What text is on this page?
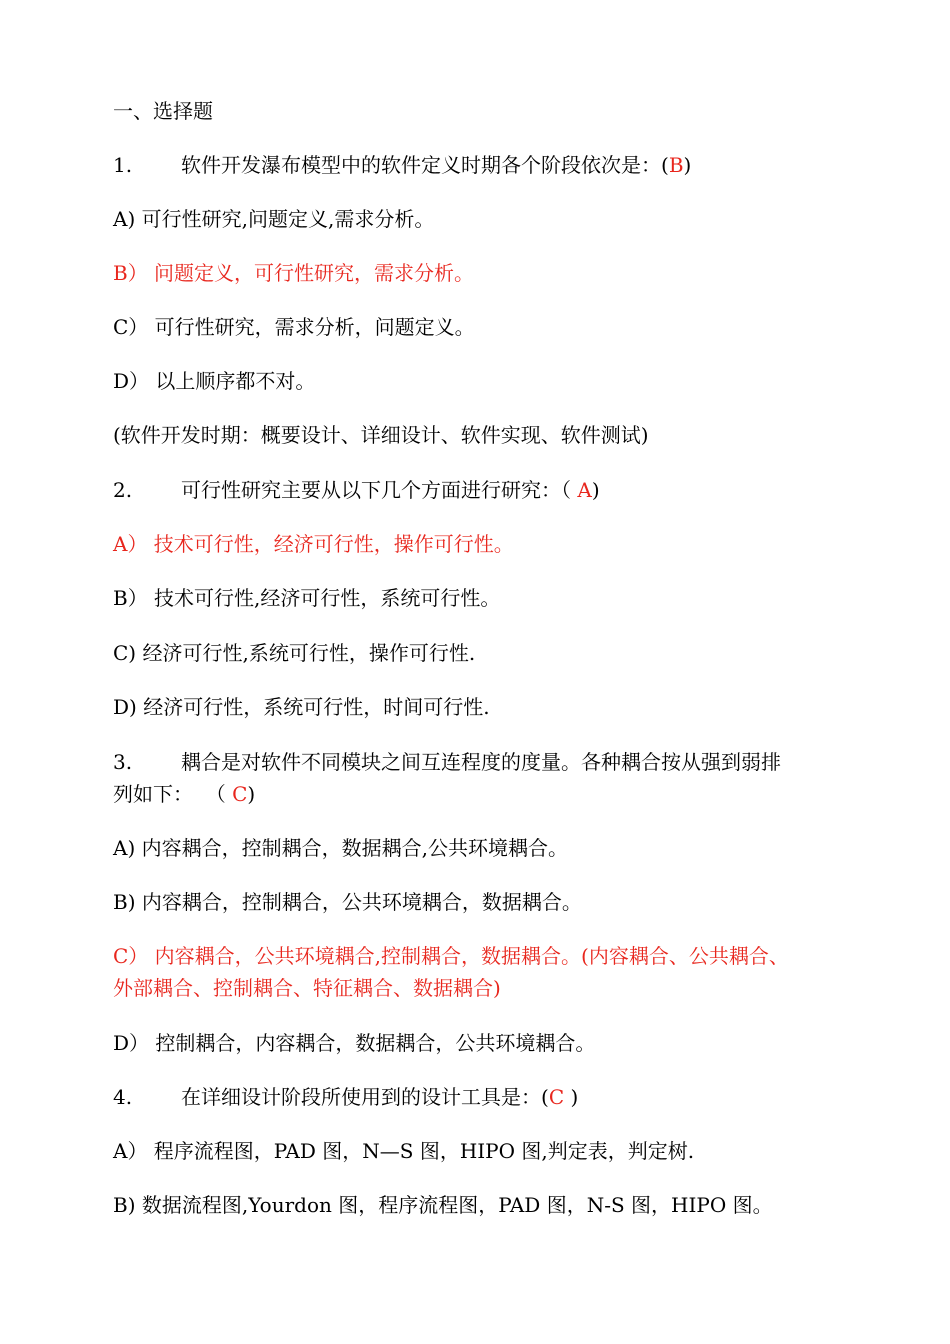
一、选择题
1. 软件开发瀑布模型中的软件定义时期各个阶段依次是：(B)
A) 可行性研究,问题定义,需求分析。
B） 问题定义，可行性研究，需求分析。
C） 可行性研究，需求分析，问题定义。
D） 以上顺序都不对。
(软件开发时期：概要设计、详细设计、软件实现、软件测试)
2. 可行性研究主要从以下几个方面进行研究：（ A)
A） 技术可行性，经济可行性，操作可行性。
B） 技术可行性,经济可行性，系统可行性。
C) 经济可行性,系统可行性，操作可行性.
D) 经济可行性，系统可行性，时间可行性.
3. 耦合是对软件不同模块之间互连程度的度量。各种耦合按从强到弱排
列如下：  （ C)
A) 内容耦合，控制耦合，数据耦合,公共环境耦合。
B) 内容耦合，控制耦合，公共环境耦合，数据耦合。
C） 内容耦合，公共环境耦合,控制耦合，数据耦合。(内容耦合、公共耦合、
外部耦合、控制耦合、特征耦合、数据耦合)
D） 控制耦合，内容耦合，数据耦合，公共环境耦合。
4. 在详细设计阶段所使用到的设计工具是：(C )
A） 程序流程图，PAD 图，N—S 图，HIPO 图,判定表，判定树.
B) 数据流程图,Yourdon 图，程序流程图，PAD 图，N-S 图，HIPO 图。
